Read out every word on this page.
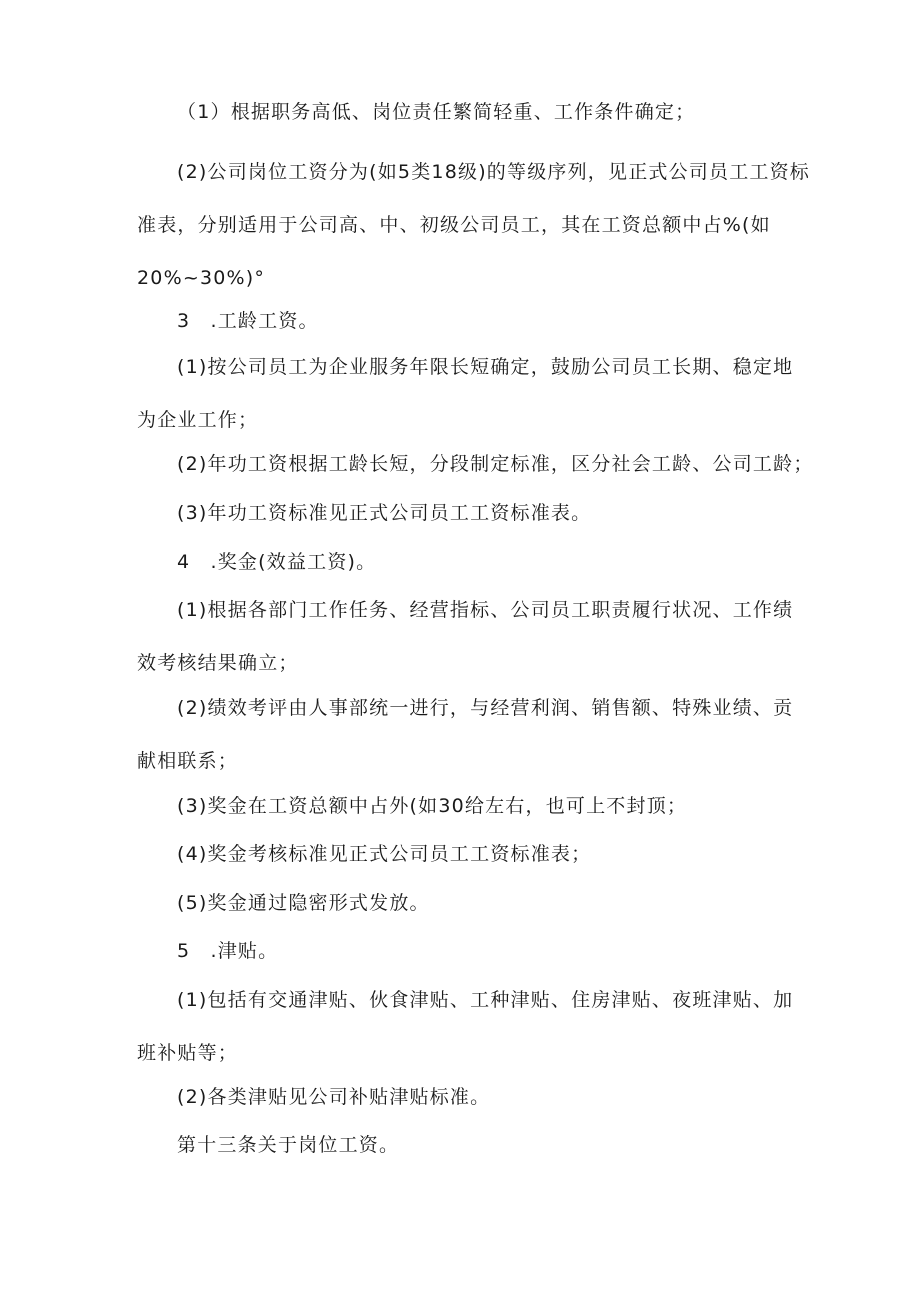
（1）根据职务高低、岗位责任繁简轻重、工作条件确定；

(2)公司岗位工资分为(如5类18级)的等级序列，见正式公司员工工资标
准表，分别适用于公司高、中、初级公司员工，其在工资总额中占%(如
20%~30%)°

3　.工龄工资。

(1)按公司员工为企业服务年限长短确定，鼓励公司员工长期、稳定地
为企业工作；

(2)年功工资根据工龄长短，分段制定标准，区分社会工龄、公司工龄；

(3)年功工资标准见正式公司员工工资标准表。

4　.奖金(效益工资)。

(1)根据各部门工作任务、经营指标、公司员工职责履行状况、工作绩
效考核结果确立；

(2)绩效考评由人事部统一进行，与经营利润、销售额、特殊业绩、贡
献相联系；

(3)奖金在工资总额中占外(如30给左右，也可上不封顶；

(4)奖金考核标准见正式公司员工工资标准表；

(5)奖金通过隐密形式发放。

5　.津贴。

(1)包括有交通津贴、伙食津贴、工种津贴、住房津贴、夜班津贴、加
班补贴等；

(2)各类津贴见公司补贴津贴标准。

第十三条关于岗位工资。
